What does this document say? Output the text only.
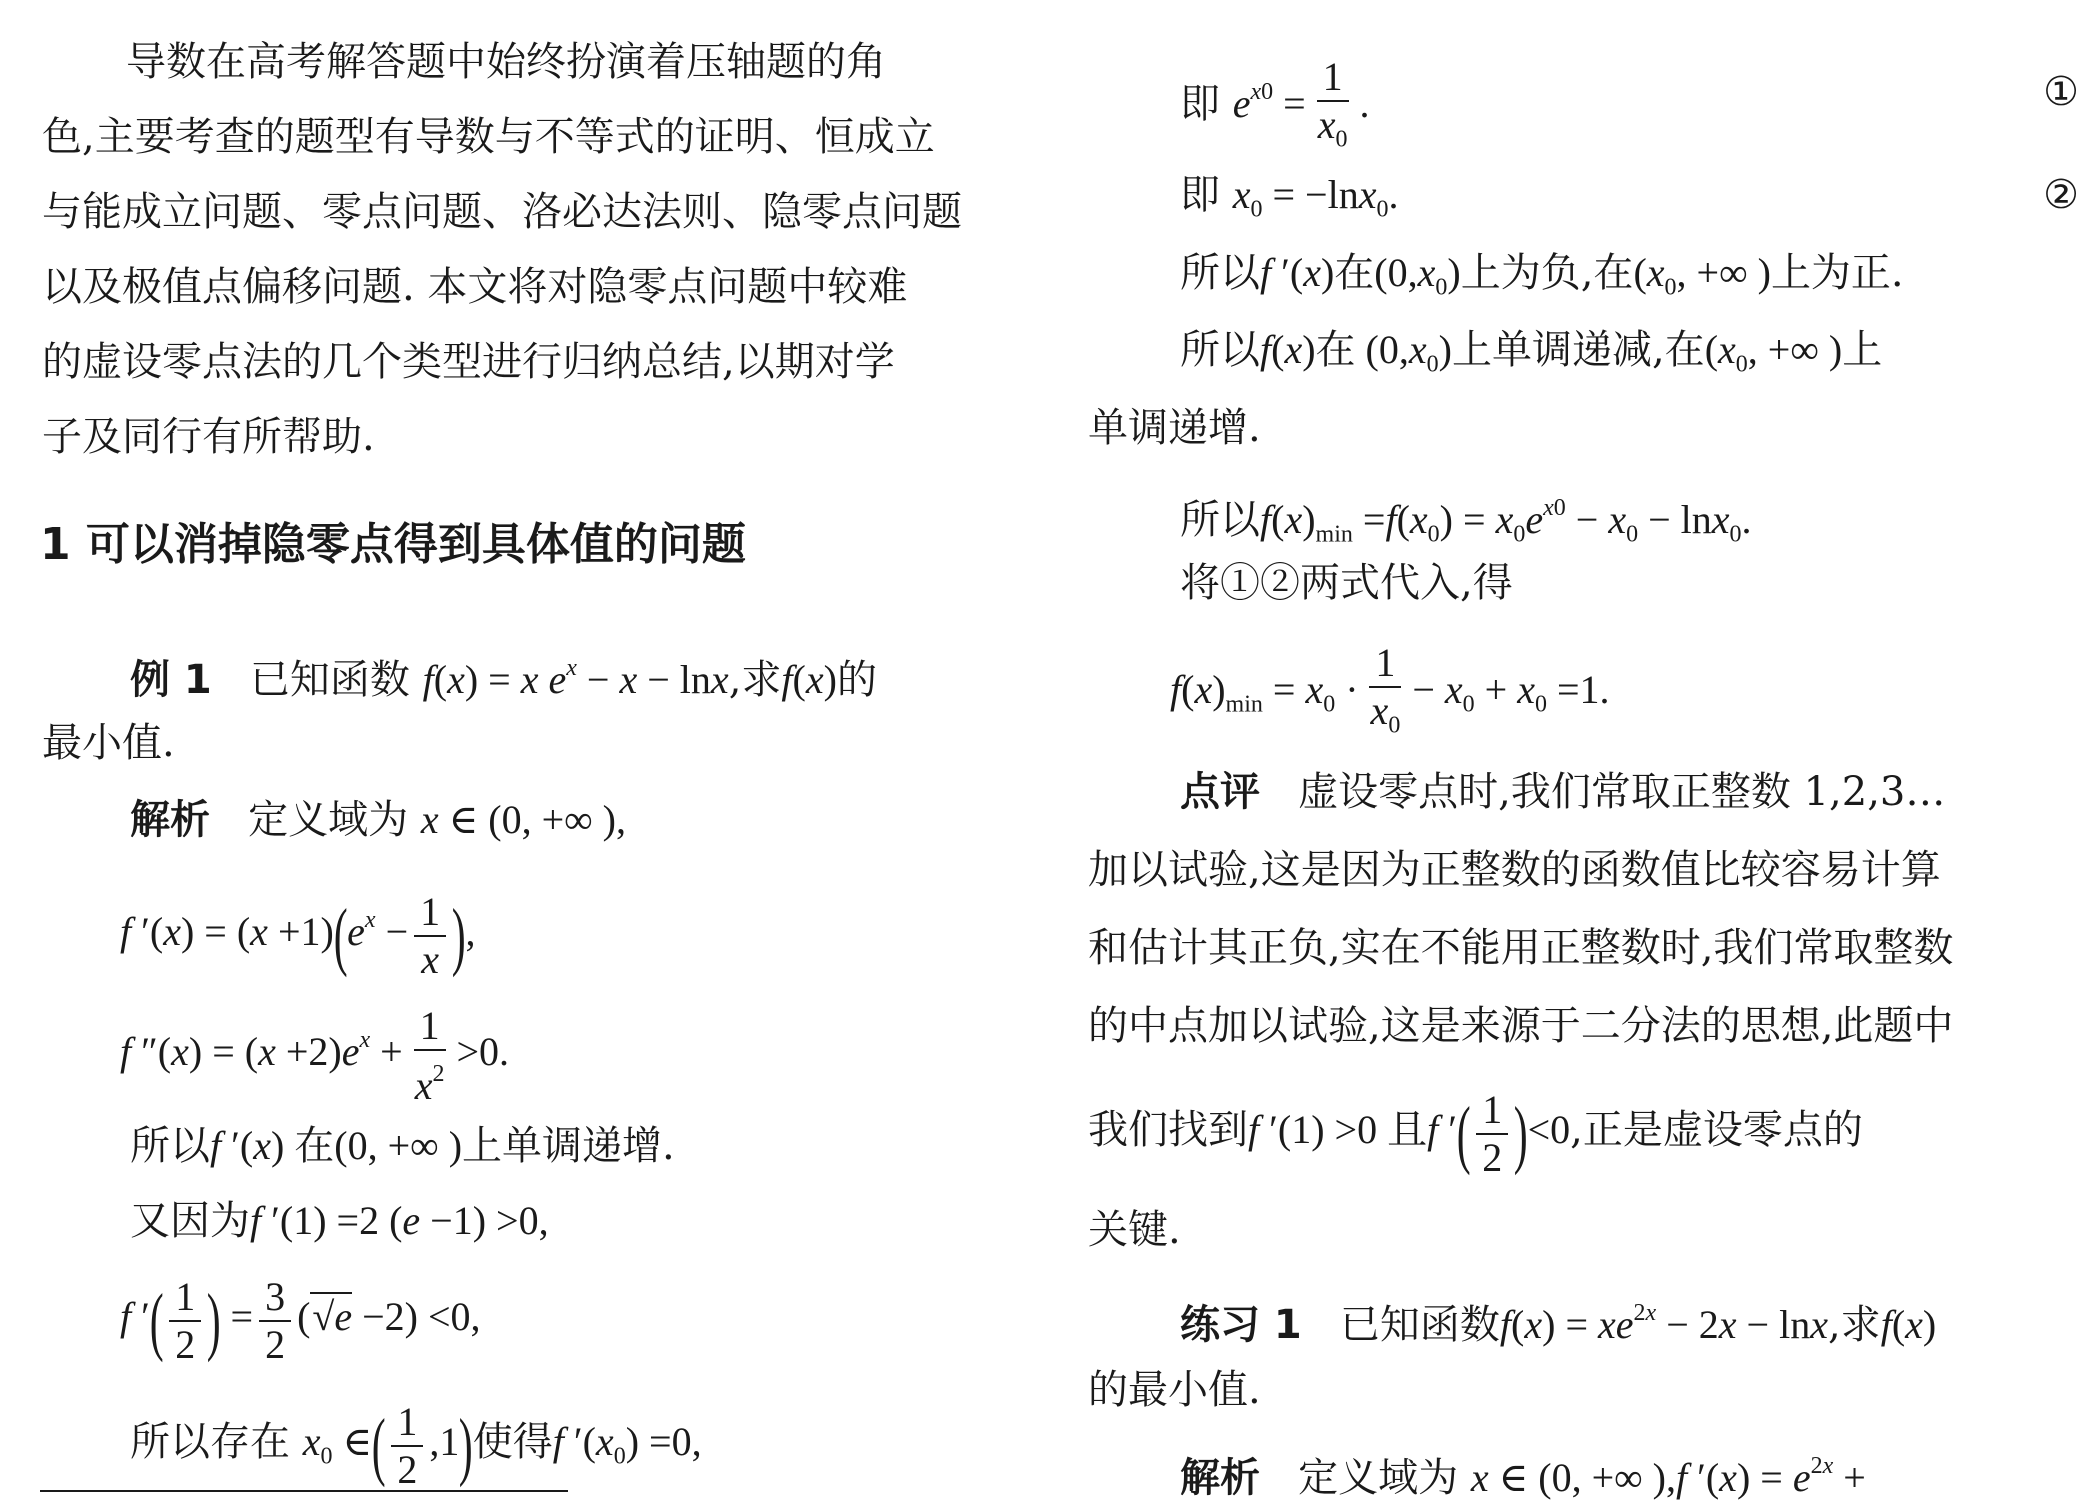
导数在高考解答题中始终扮演着压轴题的角
色,主要考查的题型有导数与不等式的证明、恒成立
与能成立问题、零点问题、洛必达法则、隐零点问题
以及极值点偏移问题. 本文将对隐零点问题中较难
的虚设零点法的几个类型进行归纳总结,以期对学
子及同行有所帮助.
1 可以消掉隐零点得到具体值的问题
例 1 已知函数 f(x) = x $e^x - x - \ln x$,求f(x)的
最小值.
解析 定义域为 x ∈ (0, +∞ ),
f $'(x) = (x +1)(e^x - \frac{1}{x}$ ),
f $''(x) = (x +2)e^x + \frac{1}{x^2} >0$.
所以f ′(x) 在(0, +∞ )上单调递增.
又因为f ′(1) =2 (e −1) >0,
f ′( $\frac{1}{2}$ ) = $\frac{3}{2} (√e -2) <0$,
所以存在 $x_0$ ∈( $\frac{1}{2} ,1$)使得f $'(x_0) =0$,
即 $e^{x0} = \frac{1}{x_0}$ .	①
即 $x_0 = -\ln x_0$.	②
所以f ′(x)在$(0,x_0)$上为负,在($x_0$, +∞ )上为正.
所以f(x)在 $(0,x_0)$上单调递减,在($x_0$, +∞ )上
单调递增.
所以$f(x)_{min} =f(x_0) = x_0e^{x0} - x_0 - \ln x_0$.
将①②两式代入,得
$f(x)_{min} = x_0 \cdot \frac{1}{x_0} - x_0 + x_0 =1$.
点评 虚设零点时,我们常取正整数 1,2,3…
加以试验,这是因为正整数的函数值比较容易计算
和估计其正负,实在不能用正整数时,我们常取整数
的中点加以试验,这是来源于二分法的思想,此题中
我们找到f ′(1) >0 且f ′( $\frac{1}{2} )<0$,正是虚设零点的
关键.
练习 1 已知函数$f(x) = xe^{2x} - 2x - \ln x$,求f(x)
的最小值.
解析 定义域为 x ∈ (0, +∞ ),f $'(x) = e^{2x}$ +
